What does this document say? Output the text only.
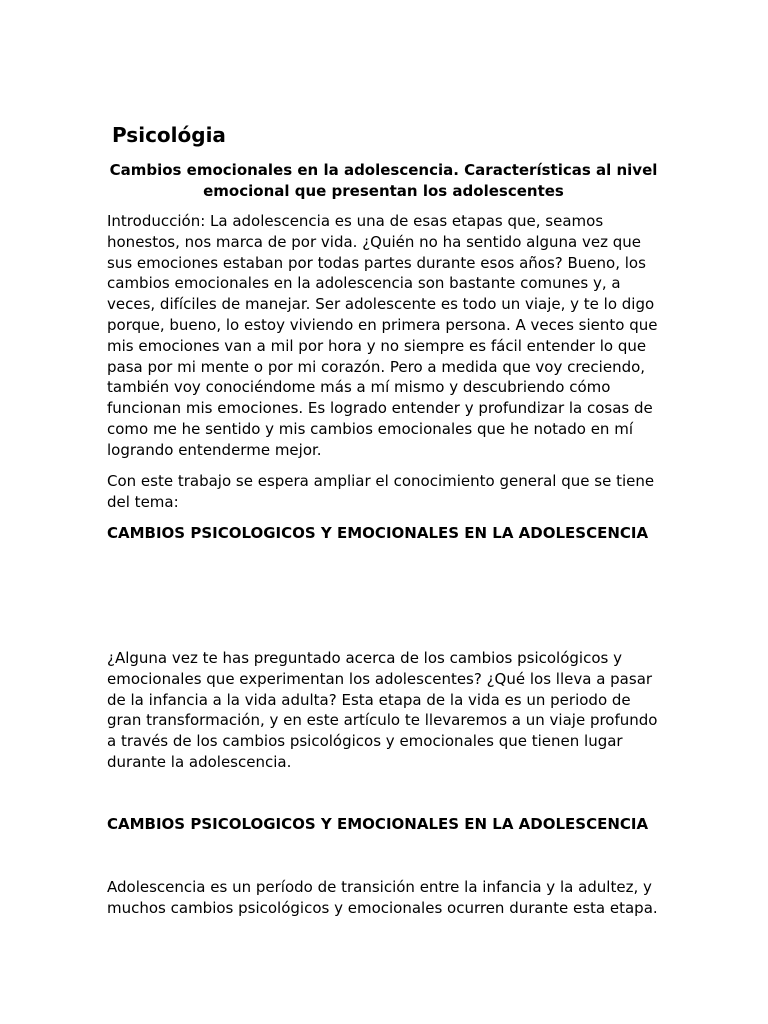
Psicológia
Cambios emocionales en la adolescencia. Características al nivel emocional que presentan los adolescentes

Introducción: La adolescencia es una de esas etapas que, seamos honestos, nos marca de por vida. ¿Quién no ha sentido alguna vez que sus emociones estaban por todas partes durante esos años? Bueno, los cambios emocionales en la adolescencia son bastante comunes y, a veces, difíciles de manejar. Ser adolescente es todo un viaje, y te lo digo porque, bueno, lo estoy viviendo en primera persona. A veces siento que mis emociones van a mil por hora y no siempre es fácil entender lo que pasa por mi mente o por mi corazón. Pero a medida que voy creciendo, también voy conociéndome más a mí mismo y descubriendo cómo funcionan mis emociones. Es logrado entender y profundizar la cosas de como me he sentido y mis cambios emocionales que he notado en mí logrando entenderme mejor.

Con este trabajo se espera ampliar el conocimiento general que se tiene del tema:

CAMBIOS PSICOLOGICOS Y EMOCIONALES EN LA ADOLESCENCIA

¿Alguna vez te has preguntado acerca de los cambios psicológicos y emocionales que experimentan los adolescentes? ¿Qué los lleva a pasar de la infancia a la vida adulta? Esta etapa de la vida es un periodo de gran transformación, y en este artículo te llevaremos a un viaje profundo a través de los cambios psicológicos y emocionales que tienen lugar durante la adolescencia.

CAMBIOS PSICOLOGICOS Y EMOCIONALES EN LA ADOLESCENCIA

Adolescencia es un período de transición entre la infancia y la adultez, y muchos cambios psicológicos y emocionales ocurren durante esta etapa.
